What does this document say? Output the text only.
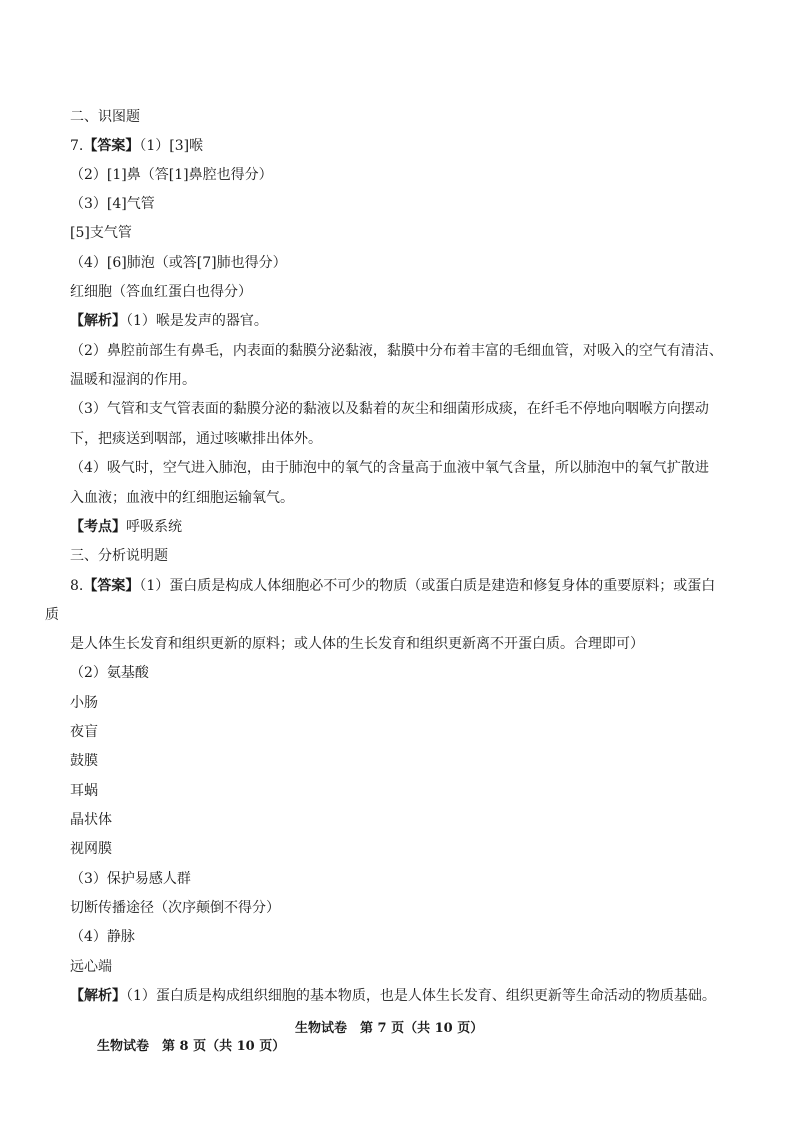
二、识图题
7.【答案】（1）[3]喉
（2）[1]鼻（答[1]鼻腔也得分）
（3）[4]气管
[5]支气管
（4）[6]肺泡（或答[7]肺也得分）
红细胞（答血红蛋白也得分）
【解析】（1）喉是发声的器官。
（2）鼻腔前部生有鼻毛，内表面的黏膜分泌黏液，黏膜中分布着丰富的毛细血管，对吸入的空气有清洁、
温暖和湿润的作用。
（3）气管和支气管表面的黏膜分泌的黏液以及黏着的灰尘和细菌形成痰，在纤毛不停地向咽喉方向摆动
下，把痰送到咽部，通过咳嗽排出体外。
（4）吸气时，空气进入肺泡，由于肺泡中的氧气的含量高于血液中氧气含量，所以肺泡中的氧气扩散进
入血液；血液中的红细胞运输氧气。
【考点】呼吸系统
三、分析说明题
8.【答案】（1）蛋白质是构成人体细胞必不可少的物质（或蛋白质是建造和修复身体的重要原料；或蛋白
质
是人体生长发育和组织更新的原料；或人体的生长发育和组织更新离不开蛋白质。合理即可）
（2）氨基酸
小肠
夜盲
鼓膜
耳蜗
晶状体
视网膜
（3）保护易感人群
切断传播途径（次序颠倒不得分）
（4）静脉
远心端
【解析】（1）蛋白质是构成组织细胞的基本物质，也是人体生长发育、组织更新等生命活动的物质基础。
生物试卷　第 7 页（共 10 页）
生物试卷　第 8 页（共 10 页）
